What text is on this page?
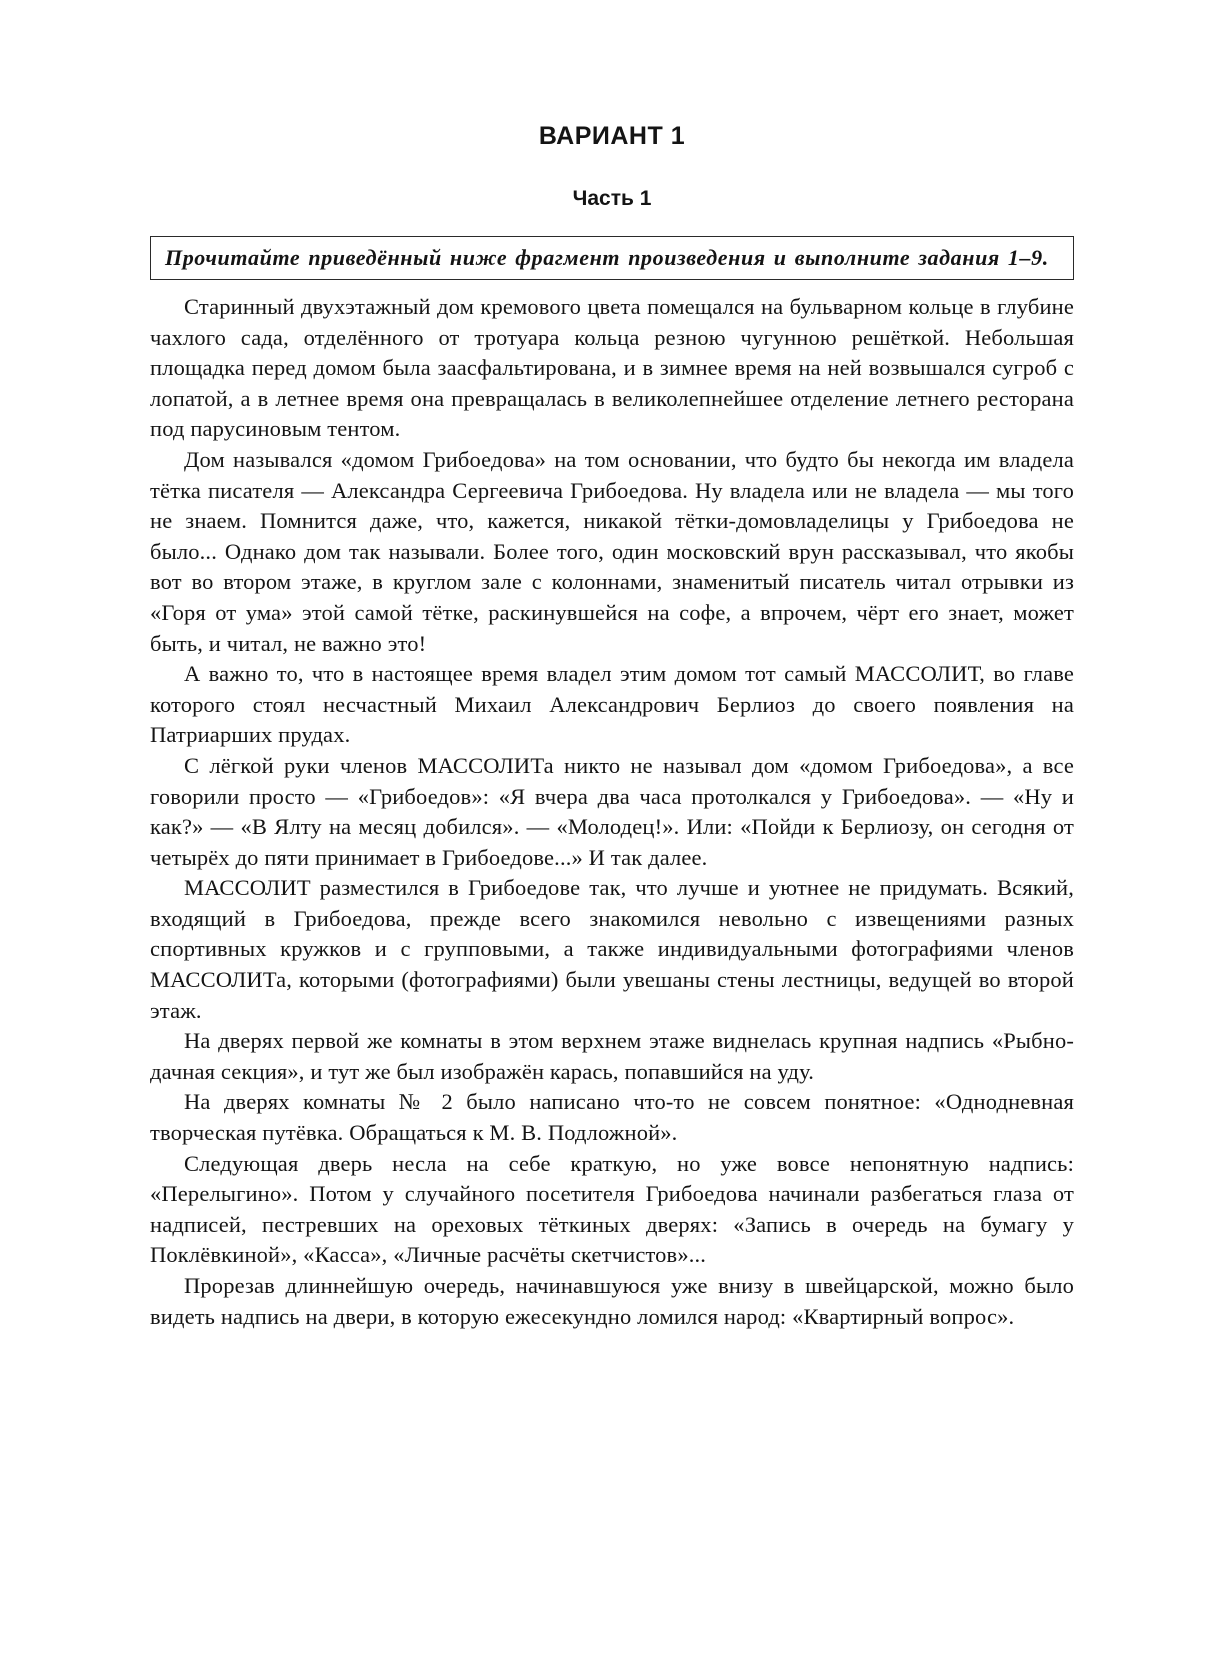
ВАРИАНТ 1
Часть 1
Прочитайте приведённый ниже фрагмент произведения и выполните задания 1–9.

Старинный двухэтажный дом кремового цвета помещался на бульварном кольце в глубине чахлого сада, отделённого от тротуара кольца резною чугунною решёткой. Небольшая площадка перед домом была заасфальтирована, и в зимнее время на ней возвышался сугроб с лопатой, а в летнее время она превращалась в великолепнейшее отделение летнего ресторана под парусиновым тентом.

Дом назывался «домом Грибоедова» на том основании, что будто бы некогда им владела тётка писателя — Александра Сергеевича Грибоедова. Ну владела или не владела — мы того не знаем. Помнится даже, что, кажется, никакой тётки-домовладелицы у Грибоедова не было... Однако дом так называли. Более того, один московский врун рассказывал, что якобы вот во втором этаже, в круглом зале с колоннами, знаменитый писатель читал отрывки из «Горя от ума» этой самой тётке, раскинувшейся на софе, а впрочем, чёрт его знает, может быть, и читал, не важно это!

А важно то, что в настоящее время владел этим домом тот самый МАССОЛИТ, во главе которого стоял несчастный Михаил Александрович Берлиоз до своего появления на Патриарших прудах.

С лёгкой руки членов МАССОЛИТа никто не называл дом «домом Грибоедова», а все говорили просто — «Грибоедов»: «Я вчера два часа протолкался у Грибоедова». — «Ну и как?» — «В Ялту на месяц добился». — «Молодец!». Или: «Пойди к Берлиозу, он сегодня от четырёх до пяти принимает в Грибоедове...» И так далее.

МАССОЛИТ разместился в Грибоедове так, что лучше и уютнее не придумать. Всякий, входящий в Грибоедова, прежде всего знакомился невольно с извещениями разных спортивных кружков и с групповыми, а также индивидуальными фотографиями членов МАССОЛИТа, которыми (фотографиями) были увешаны стены лестницы, ведущей во второй этаж.

На дверях первой же комнаты в этом верхнем этаже виднелась крупная надпись «Рыбно-дачная секция», и тут же был изображён карась, попавшийся на уду.

На дверях комнаты № 2 было написано что-то не совсем понятное: «Однодневная творческая путёвка. Обращаться к М. В. Подложной».

Следующая дверь несла на себе краткую, но уже вовсе непонятную надпись: «Перелыгино». Потом у случайного посетителя Грибоедова начинали разбегаться глаза от надписей, пестревших на ореховых тёткиных дверях: «Запись в очередь на бумагу у Поклёвкиной», «Касса», «Личные расчёты скетчистов»...

Прорезав длиннейшую очередь, начинавшуюся уже внизу в швейцарской, можно было видеть надпись на двери, в которую ежесекундно ломился народ: «Квартирный вопрос».
